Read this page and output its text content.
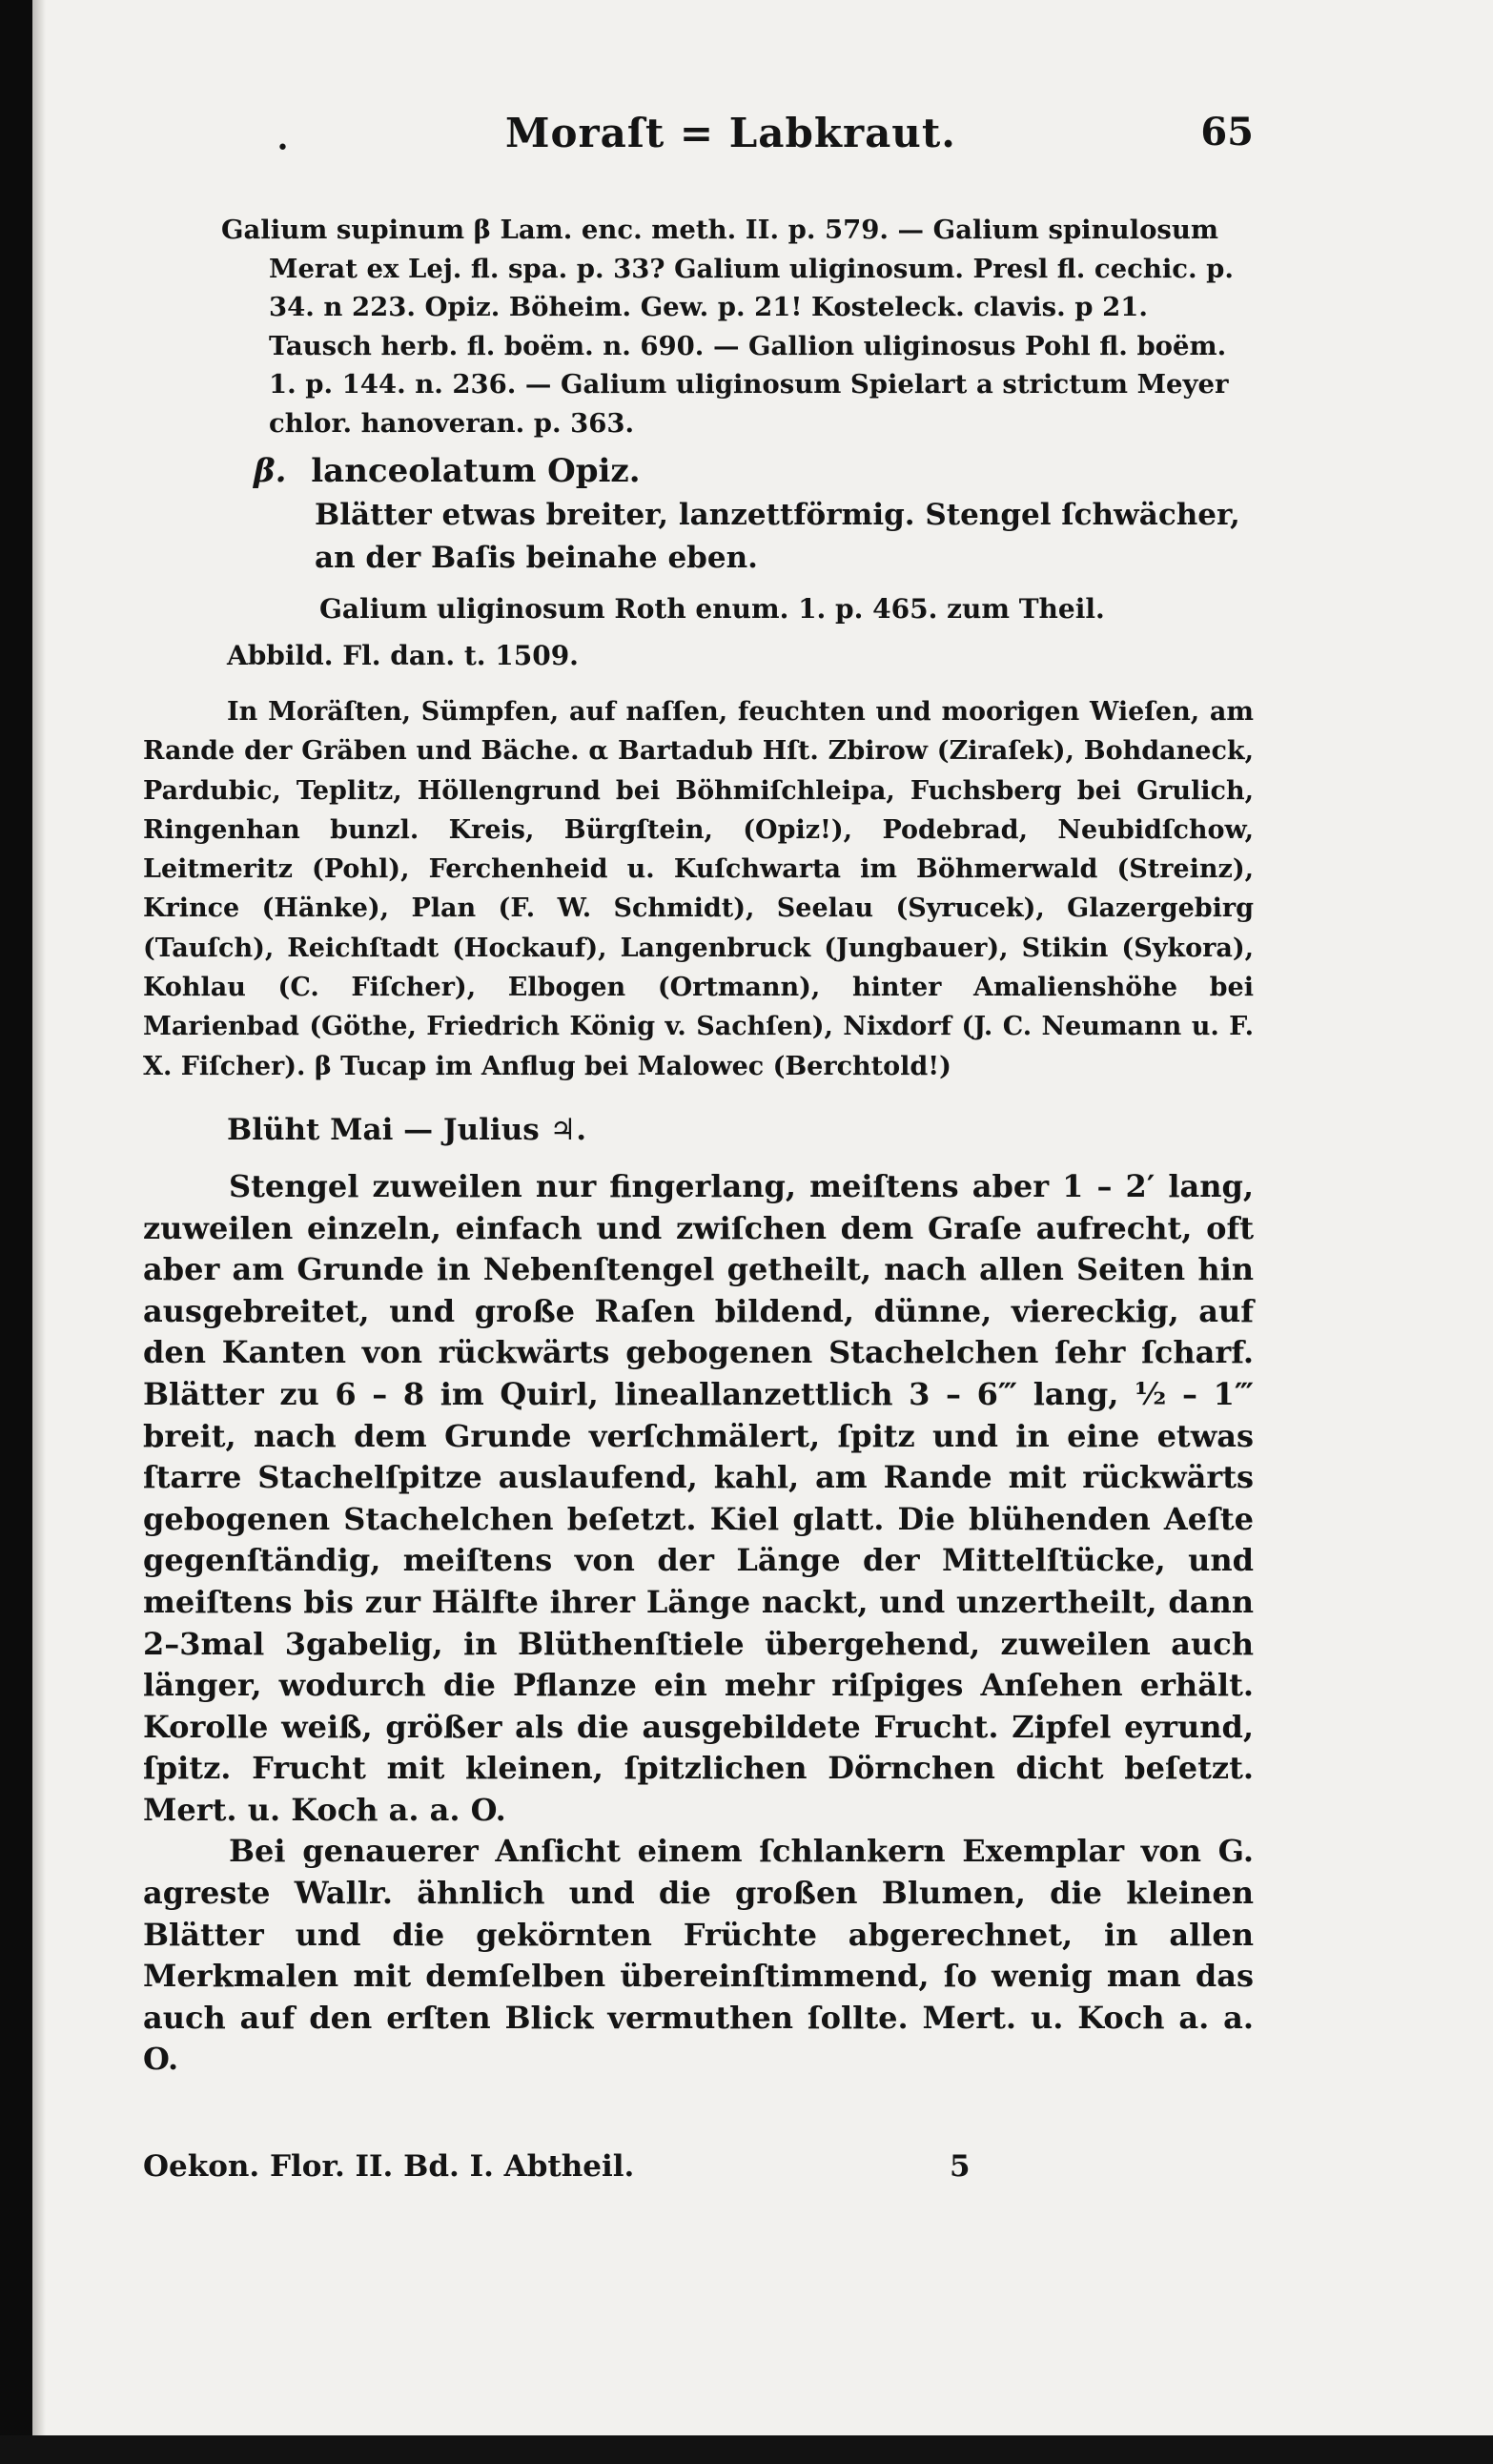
•	Moraſt = Labkraut.	65

Galium supinum β Lam. enc. meth. II. p. 579. — Galium spinulosum Merat ex Lej. fl. spa. p. 33? Galium uliginosum. Presl fl. cechic. p. 34. n 223. Opiz. Böheim. Gew. p. 21! Kosteleck. clavis. p 21. Tausch herb. fl. boëm. n. 690. — Gallion uliginosus Pohl fl. boëm. 1. p. 144. n. 236. — Galium uliginosum Spielart a strictum Meyer chlor. hanoveran. p. 363.

β. lanceolatum Opiz.

Blätter etwas breiter, lanzettförmig. Stengel ſchwächer, an der Baſis beinahe eben.

Galium uliginosum Roth enum. 1. p. 465. zum Theil.

Abbild. Fl. dan. t. 1509.

In Moräſten, Sümpfen, auf naſſen, feuchten und moorigen Wieſen, am Rande der Gräben und Bäche. α Bartadub Hſt. Zbirow (Ziraſek), Bohdaneck, Pardubic, Teplitz, Höllengrund bei Böhmiſchleipa, Fuchsberg bei Grulich, Ringenhan bunzl. Kreis, Bürgſtein, (Opiz!), Podebrad, Neubidſchow, Leitmeritz (Pohl), Ferchenheid u. Kuſchwarta im Böhmerwald (Streinz), Krince (Hänke), Plan (F. W. Schmidt), Seelau (Syrucek), Glazergebirg (Tauſch), Reichſtadt (Hockauf), Langenbruck (Jungbauer), Stikin (Sykora), Kohlau (C. Fiſcher), Elbogen (Ortmann), hinter Amalienshöhe bei Marienbad (Göthe, Friedrich König v. Sachſen), Nixdorf (J. C. Neumann u. F. X. Fiſcher). β Tucap im Anflug bei Malowec (Berchtold!)

Blüht Mai — Julius ♃.

Stengel zuweilen nur fingerlang, meiſtens aber 1 – 2′ lang, zuweilen einzeln, einfach und zwiſchen dem Graſe aufrecht, oft aber am Grunde in Nebenſtengel getheilt, nach allen Seiten hin ausgebreitet, und große Raſen bildend, dünne, viereckig, auf den Kanten von rückwärts gebogenen Stachelchen ſehr ſcharf. Blätter zu 6 – 8 im Quirl, lineallanzettlich 3 – 6‴ lang, ½ – 1‴ breit, nach dem Grunde verſchmälert, ſpitz und in eine etwas ſtarre Stachelſpitze auslaufend, kahl, am Rande mit rückwärts gebogenen Stachelchen beſetzt. Kiel glatt. Die blühenden Aeſte gegenſtändig, meiſtens von der Länge der Mittelſtücke, und meiſtens bis zur Hälfte ihrer Länge nackt, und unzertheilt, dann 2–3mal 3gabelig, in Blüthenſtiele übergehend, zuweilen auch länger, wodurch die Pflanze ein mehr riſpiges Anſehen erhält. Korolle weiß, größer als die ausgebildete Frucht. Zipfel eyrund, ſpitz. Frucht mit kleinen, ſpitzlichen Dörnchen dicht beſetzt. Mert. u. Koch a. a. O.

Bei genauerer Anſicht einem ſchlankern Exemplar von G. agreste Wallr. ähnlich und die großen Blumen, die kleinen Blätter und die gekörnten Früchte abgerechnet, in allen Merkmalen mit demſelben übereinſtimmend, ſo wenig man das auch auf den erſten Blick vermuthen ſollte. Mert. u. Koch a. a. O.

Oekon. Flor. II. Bd. I. Abtheil.	5
